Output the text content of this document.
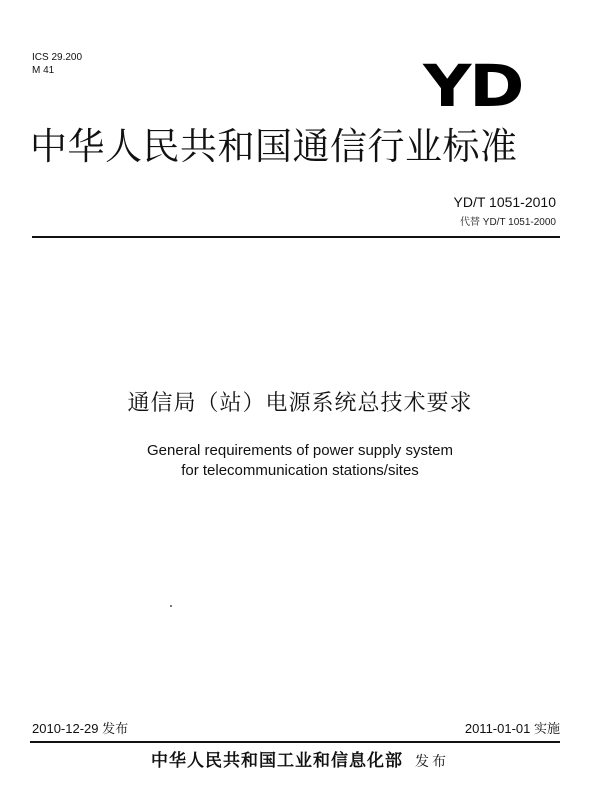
ICS 29.200
M 41	YD
中华人民共和国通信行业标准
YD/T 1051-2010
代替 YD/T 1051-2000
通信局（站）电源系统总技术要求
General requirements of power supply system
for telecommunication stations/sites
2010-12-29 发布	2011-01-01 实施
中华人民共和国工业和信息化部 发布
